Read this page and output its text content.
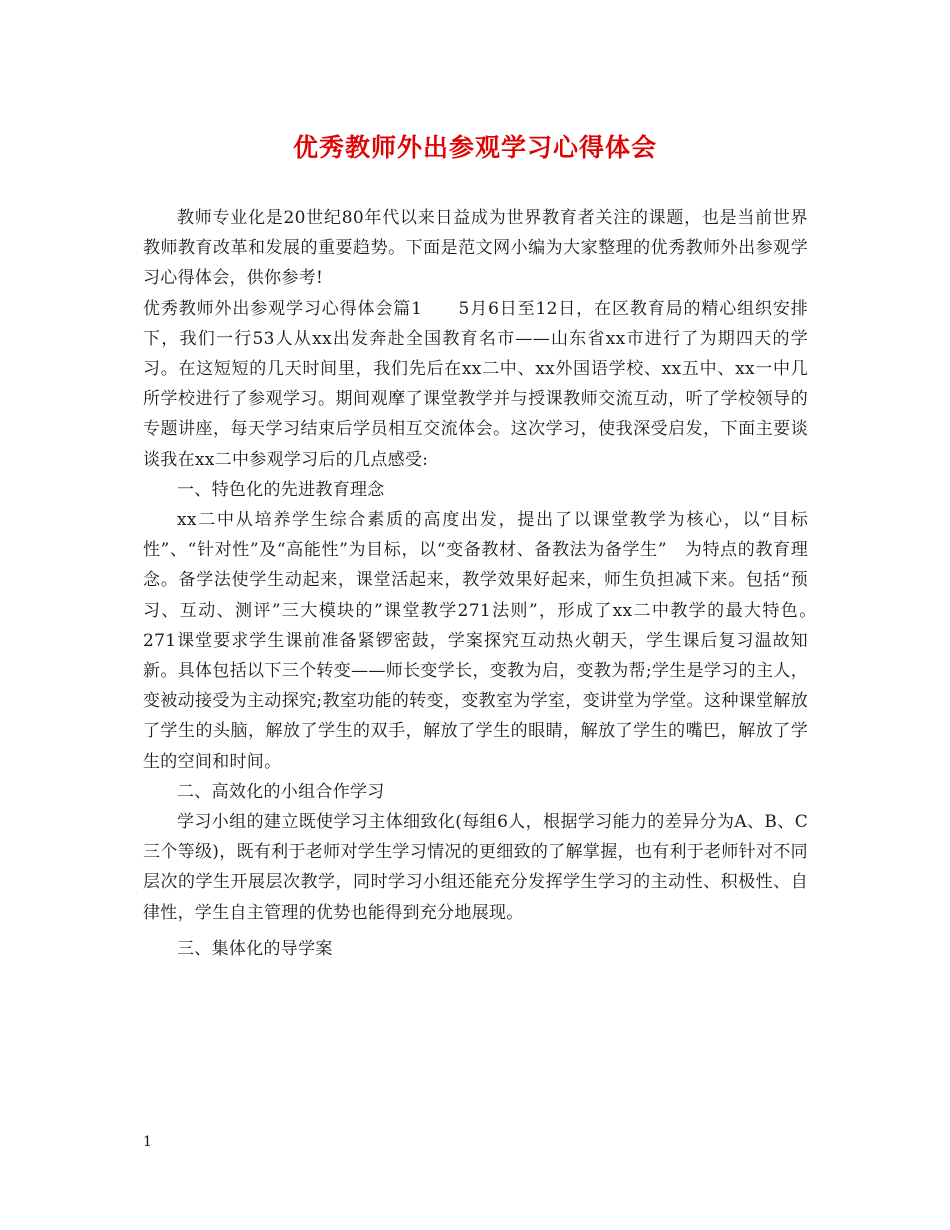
优秀教师外出参观学习心得体会

教师专业化是20世纪80年代以来日益成为世界教育者关注的课题，也是当前世界教师教育改革和发展的重要趋势。下面是范文网小编为大家整理的优秀教师外出参观学习心得体会，供你参考!

优秀教师外出参观学习心得体会篇1　　5月6日至12日，在区教育局的精心组织安排下，我们一行53人从xx出发奔赴全国教育名市——山东省xx市进行了为期四天的学习。在这短短的几天时间里，我们先后在xx二中、xx外国语学校、xx五中、xx一中几所学校进行了参观学习。期间观摩了课堂教学并与授课教师交流互动，听了学校领导的专题讲座，每天学习结束后学员相互交流体会。这次学习，使我深受启发，下面主要谈谈我在xx二中参观学习后的几点感受:

一、特色化的先进教育理念

xx二中从培养学生综合素质的高度出发，提出了以课堂教学为核心，以“目标性”、“针对性”及“高能性”为目标，以“变备教材、备教法为备学生”　为特点的教育理念。备学法使学生动起来，课堂活起来，教学效果好起来，师生负担减下来。包括“预习、互动、测评”三大模块的”课堂教学271法则”，形成了xx二中教学的最大特色。　271课堂要求学生课前准备紧锣密鼓，学案探究互动热火朝天，学生课后复习温故知新。具体包括以下三个转变——师长变学长，变教为启，变教为帮;学生是学习的主人，变被动接受为主动探究;教室功能的转变，变教室为学室，变讲堂为学堂。这种课堂解放了学生的头脑，解放了学生的双手，解放了学生的眼睛，解放了学生的嘴巴，解放了学生的空间和时间。

二、高效化的小组合作学习

学习小组的建立既使学习主体细致化(每组6人，根据学习能力的差异分为A、B、C三个等级)，既有利于老师对学生学习情况的更细致的了解掌握，也有利于老师针对不同层次的学生开展层次教学，同时学习小组还能充分发挥学生学习的主动性、积极性、自律性，学生自主管理的优势也能得到充分地展现。

三、集体化的导学案

1
